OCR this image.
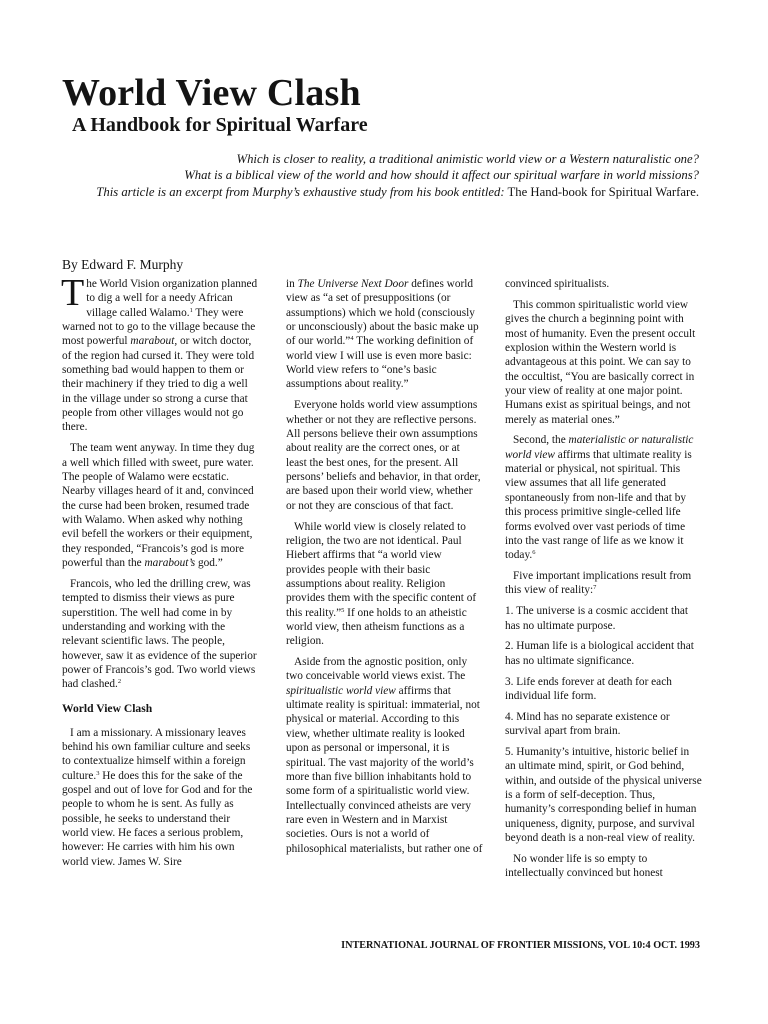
World View Clash
A Handbook for Spiritual Warfare
Which is closer to reality, a traditional animistic world view or a Western naturalistic one?
What is a biblical view of the world and how should it affect our spiritual warfare in world missions?
This article is an excerpt from Murphy’s exhaustive study from his book entitled: The Hand-book for Spiritual Warfare.
By Edward F. Murphy

The World Vision organization planned to dig a well for a needy African village called Walamo.$^1$ They were warned not to go to the village because the most powerful marabout, or witch doctor, of the region had cursed it. They were told something bad would happen to them or their machinery if they tried to dig a well in the village under so strong a curse that people from other villages would not go there.

The team went anyway. In time they dug a well which filled with sweet, pure water. The people of Walamo were ecstatic. Nearby villages heard of it and, convinced the curse had been broken, resumed trade with Walamo. When asked why nothing evil befell the workers or their equipment, they responded, “Francois’s god is more powerful than the marabout’s god.”

Francois, who led the drilling crew, was tempted to dismiss their views as pure superstition. The well had come in by understanding and working with the relevant scientific laws. The people, however, saw it as evidence of the superior power of Francois’s god. Two world views had clashed.$^2$

World View Clash

I am a missionary. A missionary leaves behind his own familiar culture and seeks to contextualize himself within a foreign culture.$^3$ He does this for the sake of the gospel and out of love for God and for the people to whom he is sent. As fully as possible, he seeks to understand their world view. He faces a serious problem, however: He carries with him his own world view. James W. Sire

in The Universe Next Door defines world view as “a set of presuppositions (or assumptions) which we hold (consciously or unconsciously) about the basic make up of our world.”$^4$ The working definition of world view I will use is even more basic: World view refers to “one’s basic assumptions about reality.”

Everyone holds world view assumptions whether or not they are reflective persons. All persons believe their own assumptions about reality are the correct ones, or at least the best ones, for the present. All persons’ beliefs and behavior, in that order, are based upon their world view, whether or not they are conscious of that fact.

While world view is closely related to religion, the two are not identical. Paul Hiebert affirms that “a world view provides people with their basic assumptions about reality. Religion provides them with the specific content of this reality.”$^5$ If one holds to an atheistic world view, then atheism functions as a religion.

Aside from the agnostic position, only two conceivable world views exist. The spiritualistic world view affirms that ultimate reality is spiritual: immaterial, not physical or material. According to this view, whether ultimate reality is looked upon as personal or impersonal, it is spiritual. The vast majority of the world’s more than five billion inhabitants hold to some form of a spiritualistic world view. Intellectually convinced atheists are very rare even in Western and in Marxist societies. Ours is not a world of philosophical materialists, but rather one of

convinced spiritualists.

This common spiritualistic world view gives the church a beginning point with most of humanity. Even the present occult explosion within the Western world is advantageous at this point. We can say to the occultist, “You are basically correct in your view of reality at one major point. Humans exist as spiritual beings, and not merely as material ones.”

Second, the materialistic or naturalistic world view affirms that ultimate reality is material or physical, not spiritual. This view assumes that all life generated spontaneously from non-life and that by this process primitive single-celled life forms evolved over vast periods of time into the vast range of life as we know it today.$^6$

Five important implications result from this view of reality:$^7$

1. The universe is a cosmic accident that has no ultimate purpose.

2. Human life is a biological accident that has no ultimate significance.

3. Life ends forever at death for each individual life form.

4. Mind has no separate existence or survival apart from brain.

5. Humanity’s intuitive, historic belief in an ultimate mind, spirit, or God behind, within, and outside of the physical universe is a form of self-deception. Thus, humanity’s corresponding belief in human uniqueness, dignity, purpose, and survival beyond death is a non-real view of reality.

No wonder life is so empty to intellectually convinced but honest

INTERNATIONAL JOURNAL OF FRONTIER MISSIONS, VOL 10:4 OCT. 1993
